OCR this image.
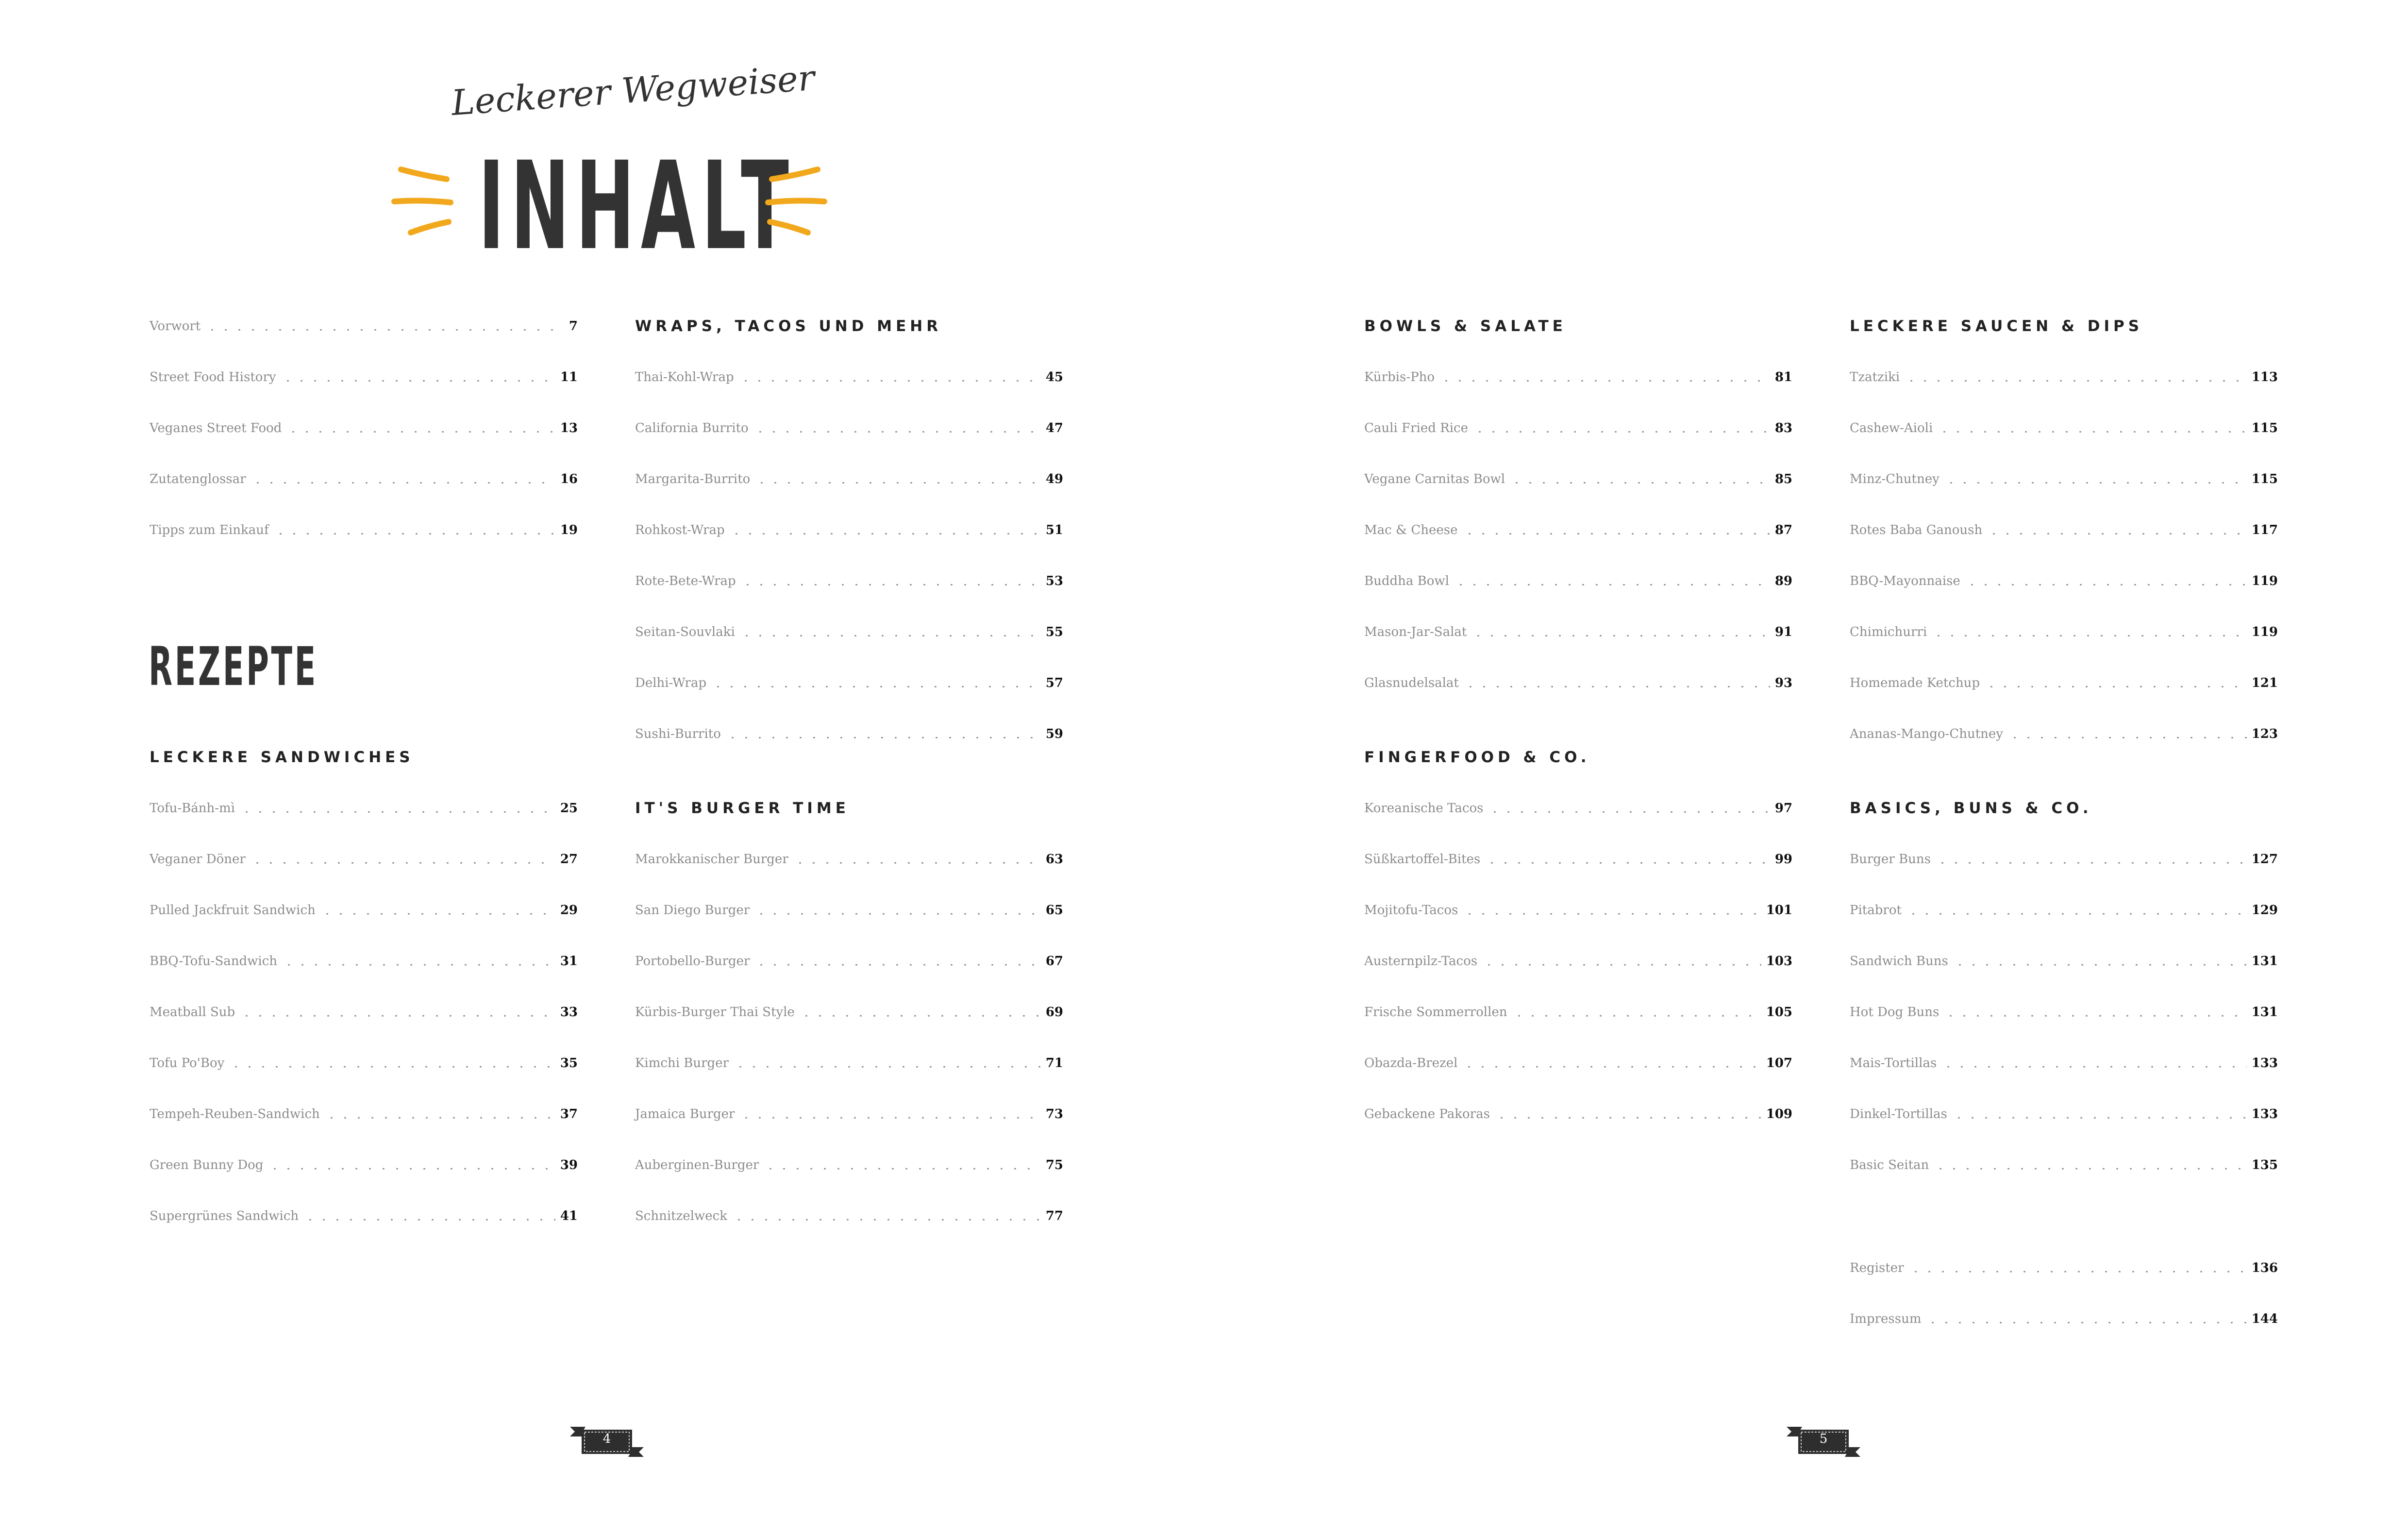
Leckerer Wegweiser
INHALT
Vorwort	7
Street Food History	11
Veganes Street Food	13
Zutatenglossar	16
Tipps zum Einkauf	19
REZEPTE
LECKERE SANDWICHES
Tofu-Bánh-mì	25
Veganer Döner	27
Pulled Jackfruit Sandwich	29
BBQ-Tofu-Sandwich	31
Meatball Sub	33
Tofu Po'Boy	35
Tempeh-Reuben-Sandwich	37
Green Bunny Dog	39
Supergrünes Sandwich	41
WRAPS, TACOS UND MEHR
Thai-Kohl-Wrap	45
California Burrito	47
Margarita-Burrito	49
Rohkost-Wrap	51
Rote-Bete-Wrap	53
Seitan-Souvlaki	55
Delhi-Wrap	57
Sushi-Burrito	59
IT'S BURGER TIME
Marokkanischer Burger	63
San Diego Burger	65
Portobello-Burger	67
Kürbis-Burger Thai Style	69
Kimchi Burger	71
Jamaica Burger	73
Auberginen-Burger	75
Schnitzelweck	77
BOWLS & SALATE
Kürbis-Pho	81
Cauli Fried Rice	83
Vegane Carnitas Bowl	85
Mac & Cheese	87
Buddha Bowl	89
Mason-Jar-Salat	91
Glasnudelsalat	93
FINGERFOOD & CO.
Koreanische Tacos	97
Süßkartoffel-Bites	99
Mojitofu-Tacos	101
Austernpilz-Tacos	103
Frische Sommerrollen	105
Obazda-Brezel	107
Gebackene Pakoras	109
LECKERE SAUCEN & DIPS
Tzatziki	113
Cashew-Aioli	115
Minz-Chutney	115
Rotes Baba Ganoush	117
BBQ-Mayonnaise	119
Chimichurri	119
Homemade Ketchup	121
Ananas-Mango-Chutney	123
BASICS, BUNS & CO.
Burger Buns	127
Pitabrot	129
Sandwich Buns	131
Hot Dog Buns	131
Mais-Tortillas	133
Dinkel-Tortillas	133
Basic Seitan	135
Register	136
Impressum	144
4	5
